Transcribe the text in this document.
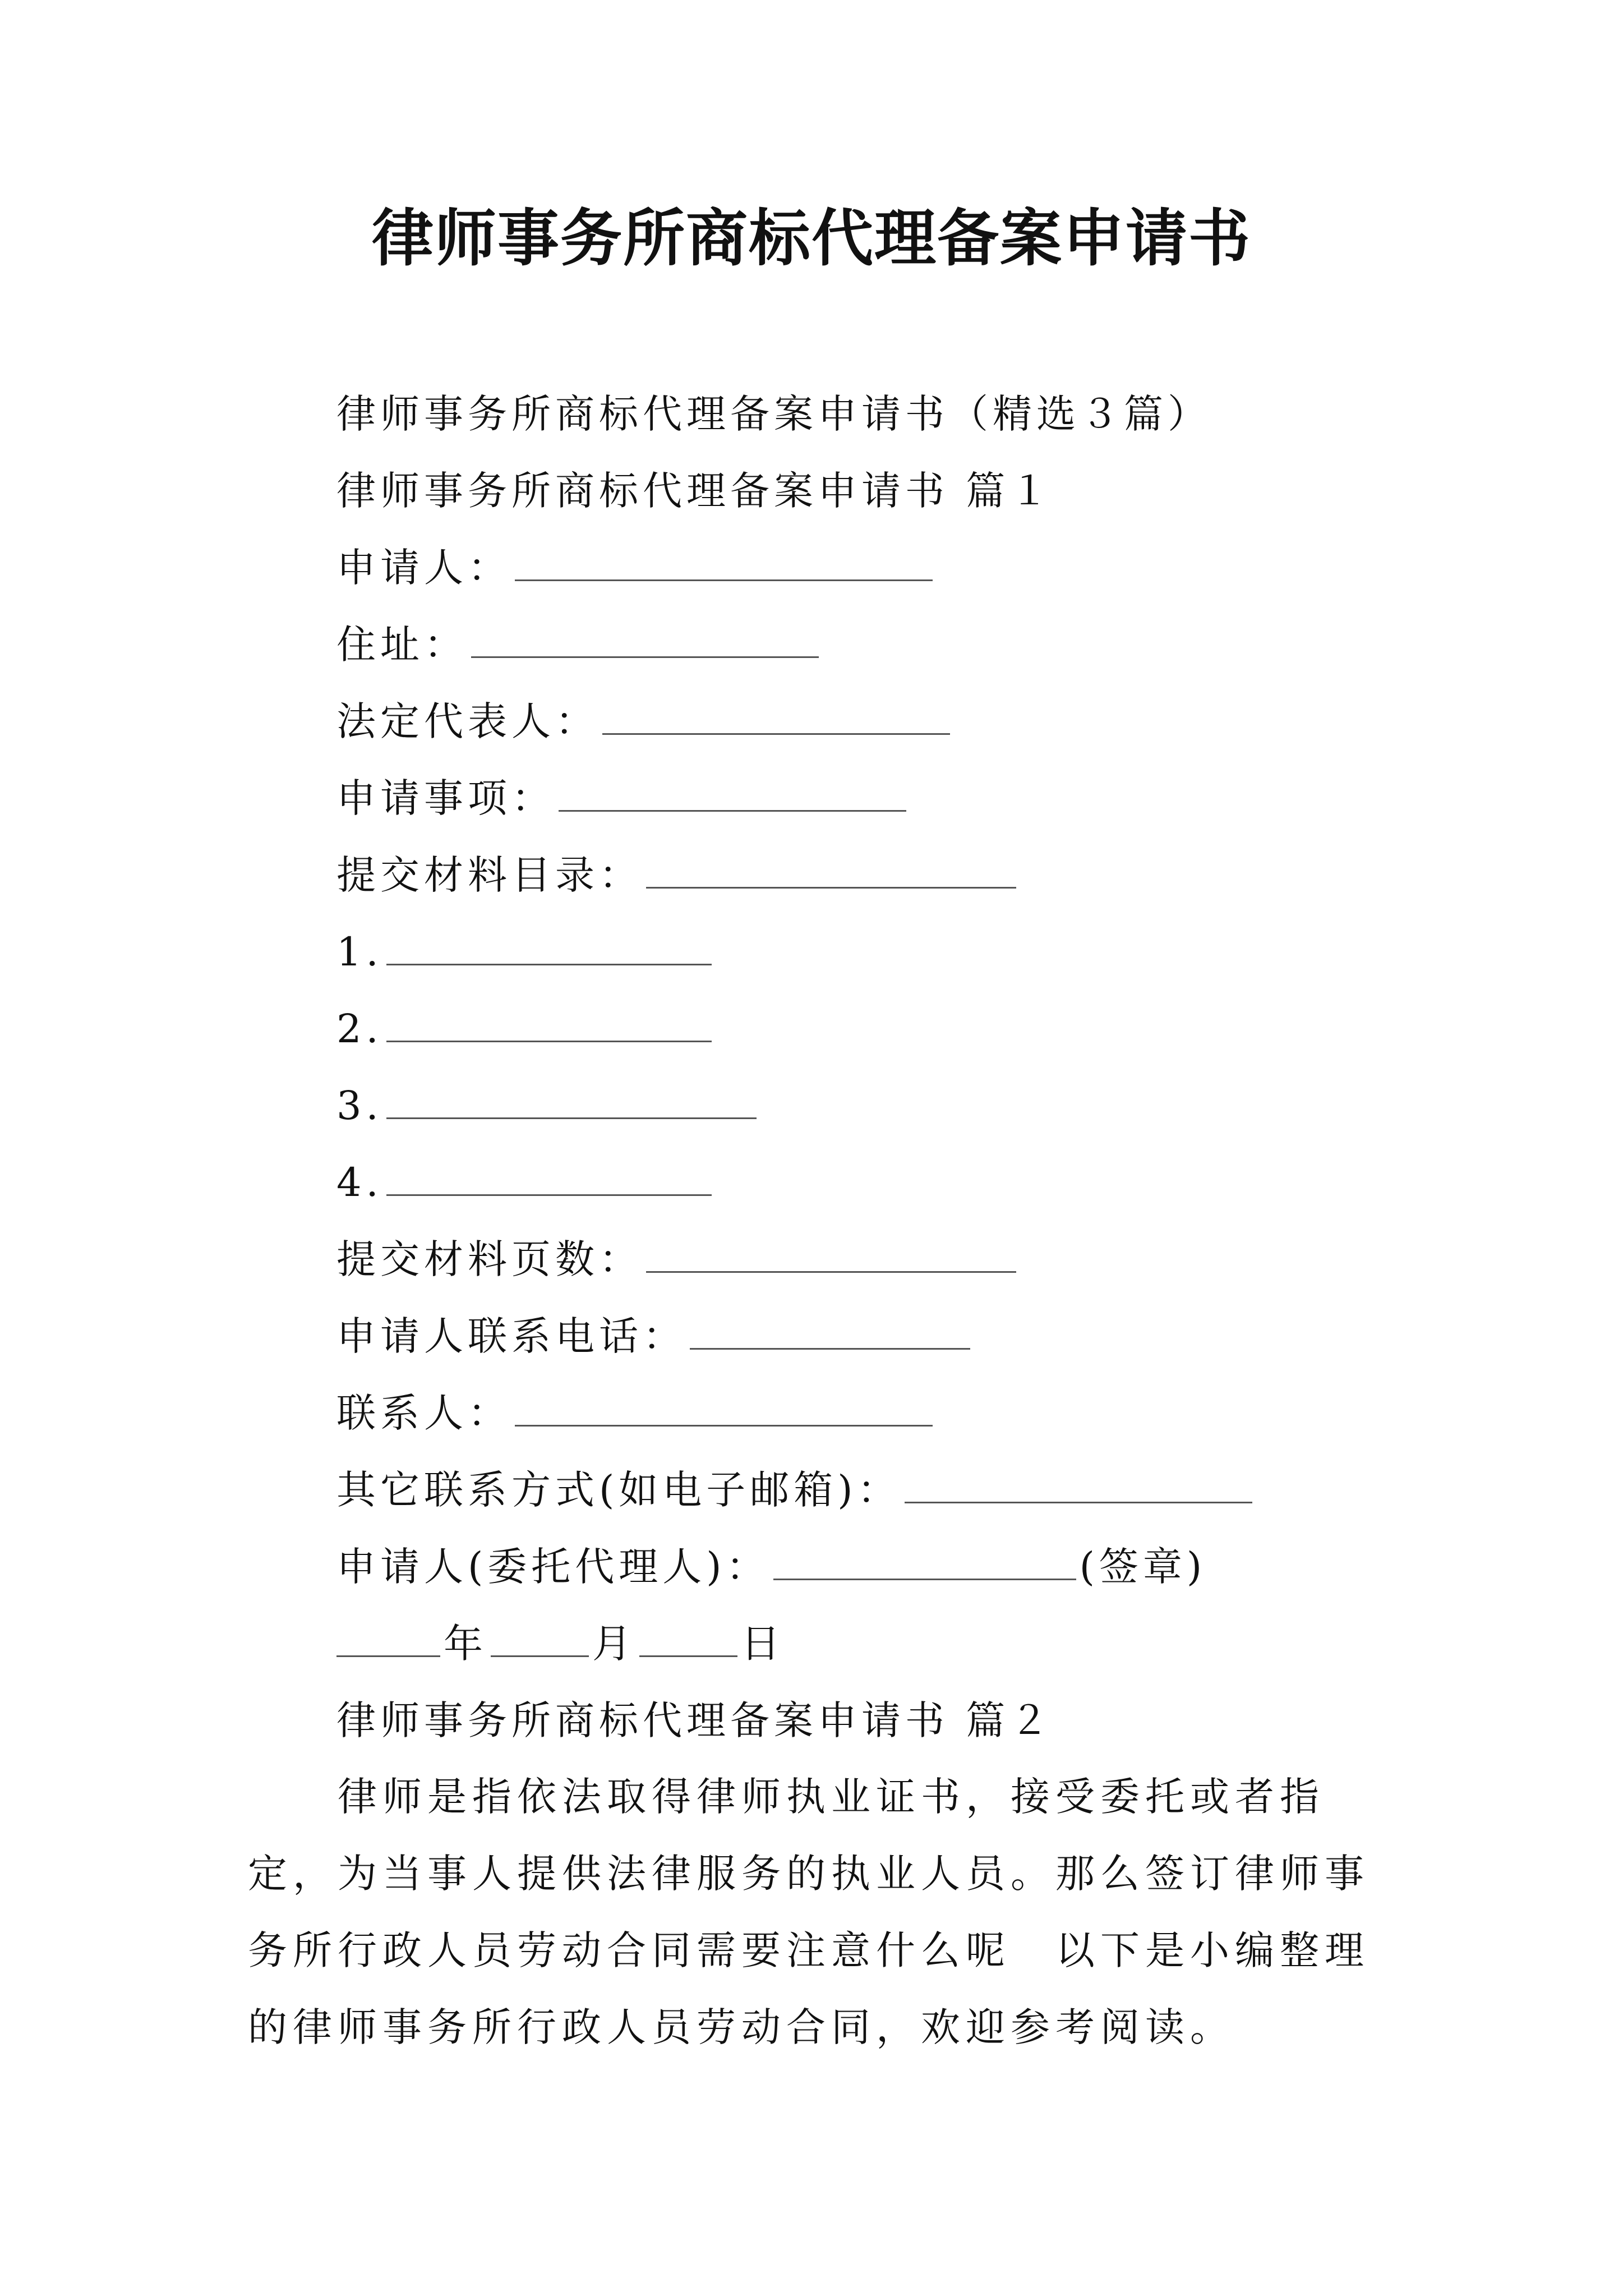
律师事务所商标代理备案申请书
律师事务所商标代理备案申请书（精选３篇）
律师事务所商标代理备案申请书 篇１
申请人：
住址：
法定代表人：
申请事项：
提交材料目录：
1.
2.
3.
4.
提交材料页数：
申请人联系电话：
联系人：
其它联系方式(如电子邮箱)：
申请人(委托代理人)：	(签章)
年	月	日
律师事务所商标代理备案申请书 篇２
律师是指依法取得律师执业证书，接受委托或者指定，为当事人提供法律服务的执业人员。那么签订律师事务所行政人员劳动合同需要注意什么呢　以下是小编整理的律师事务所行政人员劳动合同，欢迎参考阅读。
